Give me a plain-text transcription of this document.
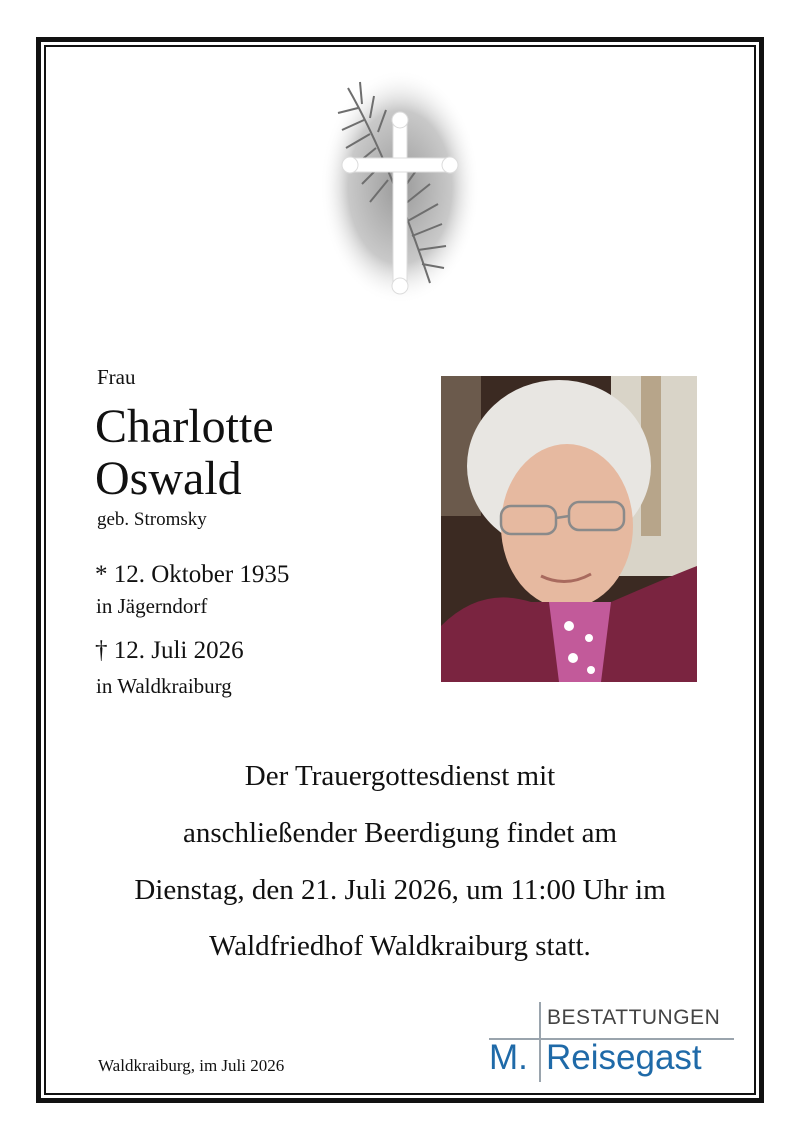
Frau
Charlotte
Oswald
geb. Stromsky
* 12. Oktober 1935
in Jägerndorf
† 12. Juli 2026
in Waldkraiburg
Der Trauergottesdienst mit
anschließender Beerdigung findet am
Dienstag, den 21. Juli 2026, um 11:00 Uhr im
Waldfriedhof Waldkraiburg statt.
Waldkraiburg, im Juli 2026
BESTATTUNGEN
M. Reisegast
